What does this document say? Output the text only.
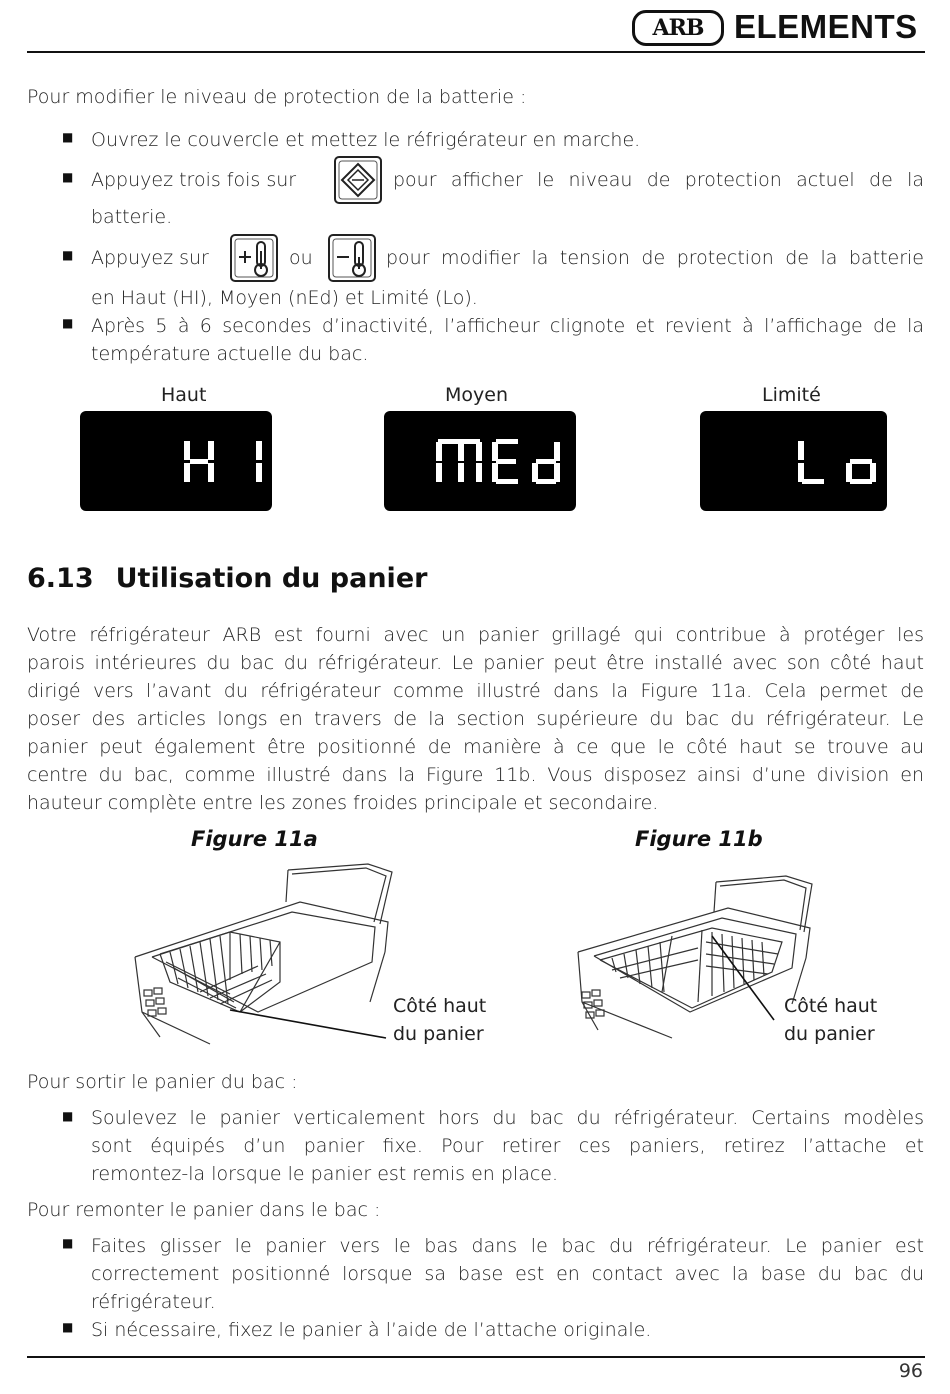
ARB ELEMENTS
Pour modifier le niveau de protection de la batterie :
■ Ouvrez le couvercle et mettez le réfrigérateur en marche.
■ Appuyez trois fois sur	pour afficher le niveau de protection actuel de la
batterie.
■ Appuyez sur	ou	pour modifier la tension de protection de la batterie
en Haut (HI), Moyen (nEd) et Limité (Lo).
■ Après 5 à 6 secondes d’inactivité, l’afficheur clignote et revient à l’affichage de la
température actuelle du bac.
Haut	Moyen	Limité
6.13 Utilisation du panier
Votre réfrigérateur ARB est fourni avec un panier grillagé qui contribue à protéger les
parois intérieures du bac du réfrigérateur. Le panier peut être installé avec son côté haut
dirigé vers l’avant du réfrigérateur comme illustré dans la Figure 11a. Cela permet de
poser des articles longs en travers de la section supérieure du bac du réfrigérateur. Le
panier peut également être positionné de manière à ce que le côté haut se trouve au
centre du bac, comme illustré dans la Figure 11b. Vous disposez ainsi d’une division en
hauteur complète entre les zones froides principale et secondaire.
Figure 11a	Figure 11b
Côté haut
du panier
Côté haut
du panier
Pour sortir le panier du bac :
■ Soulevez le panier verticalement hors du bac du réfrigérateur. Certains modèles
sont équipés d’un panier fixe. Pour retirer ces paniers, retirez l’attache et
remontez-la lorsque le panier est remis en place.
Pour remonter le panier dans le bac :
■ Faites glisser le panier vers le bas dans le bac du réfrigérateur. Le panier est
correctement positionné lorsque sa base est en contact avec la base du bac du
réfrigérateur.
■ Si nécessaire, fixez le panier à l’aide de l’attache originale.
96
